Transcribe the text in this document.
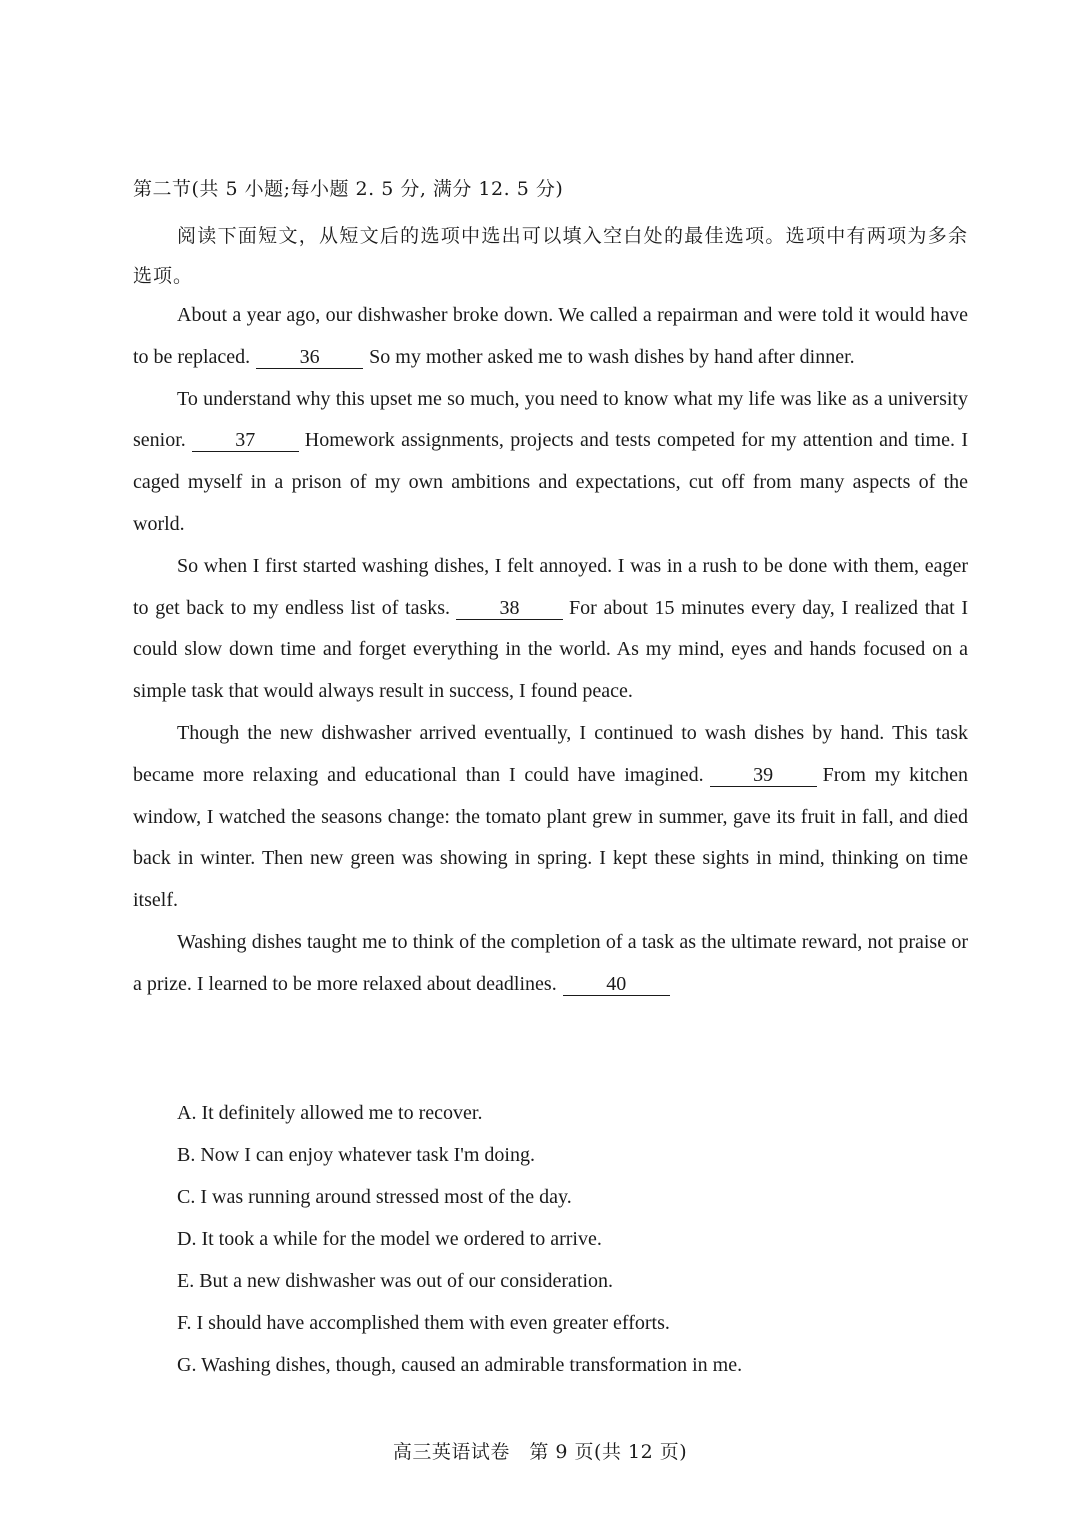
第二节(共 5 小题;每小题 2. 5 分, 满分 12. 5 分)
阅读下面短文，从短文后的选项中选出可以填入空白处的最佳选项。选项中有两项为多余选项。

About a year ago, our dishwasher broke down. We called a repairman and were told it would have to be replaced. 36 So my mother asked me to wash dishes by hand after dinner.

To understand why this upset me so much, you need to know what my life was like as a university senior. 37 Homework assignments, projects and tests competed for my attention and time. I caged myself in a prison of my own ambitions and expectations, cut off from many aspects of the world.

So when I first started washing dishes, I felt annoyed. I was in a rush to be done with them, eager to get back to my endless list of tasks. 38 For about 15 minutes every day, I realized that I could slow down time and forget everything in the world. As my mind, eyes and hands focused on a simple task that would always result in success, I found peace.

Though the new dishwasher arrived eventually, I continued to wash dishes by hand. This task became more relaxing and educational than I could have imagined. 39 From my kitchen window, I watched the seasons change: the tomato plant grew in summer, gave its fruit in fall, and died back in winter. Then new green was showing in spring. I kept these sights in mind, thinking on time itself.

Washing dishes taught me to think of the completion of a task as the ultimate reward, not praise or a prize. I learned to be more relaxed about deadlines. 40

A. It definitely allowed me to recover.
B. Now I can enjoy whatever task I'm doing.
C. I was running around stressed most of the day.
D. It took a while for the model we ordered to arrive.
E. But a new dishwasher was out of our consideration.
F. I should have accomplished them with even greater efforts.
G. Washing dishes, though, caused an admirable transformation in me.
高三英语试卷　第 9 页(共 12 页)
